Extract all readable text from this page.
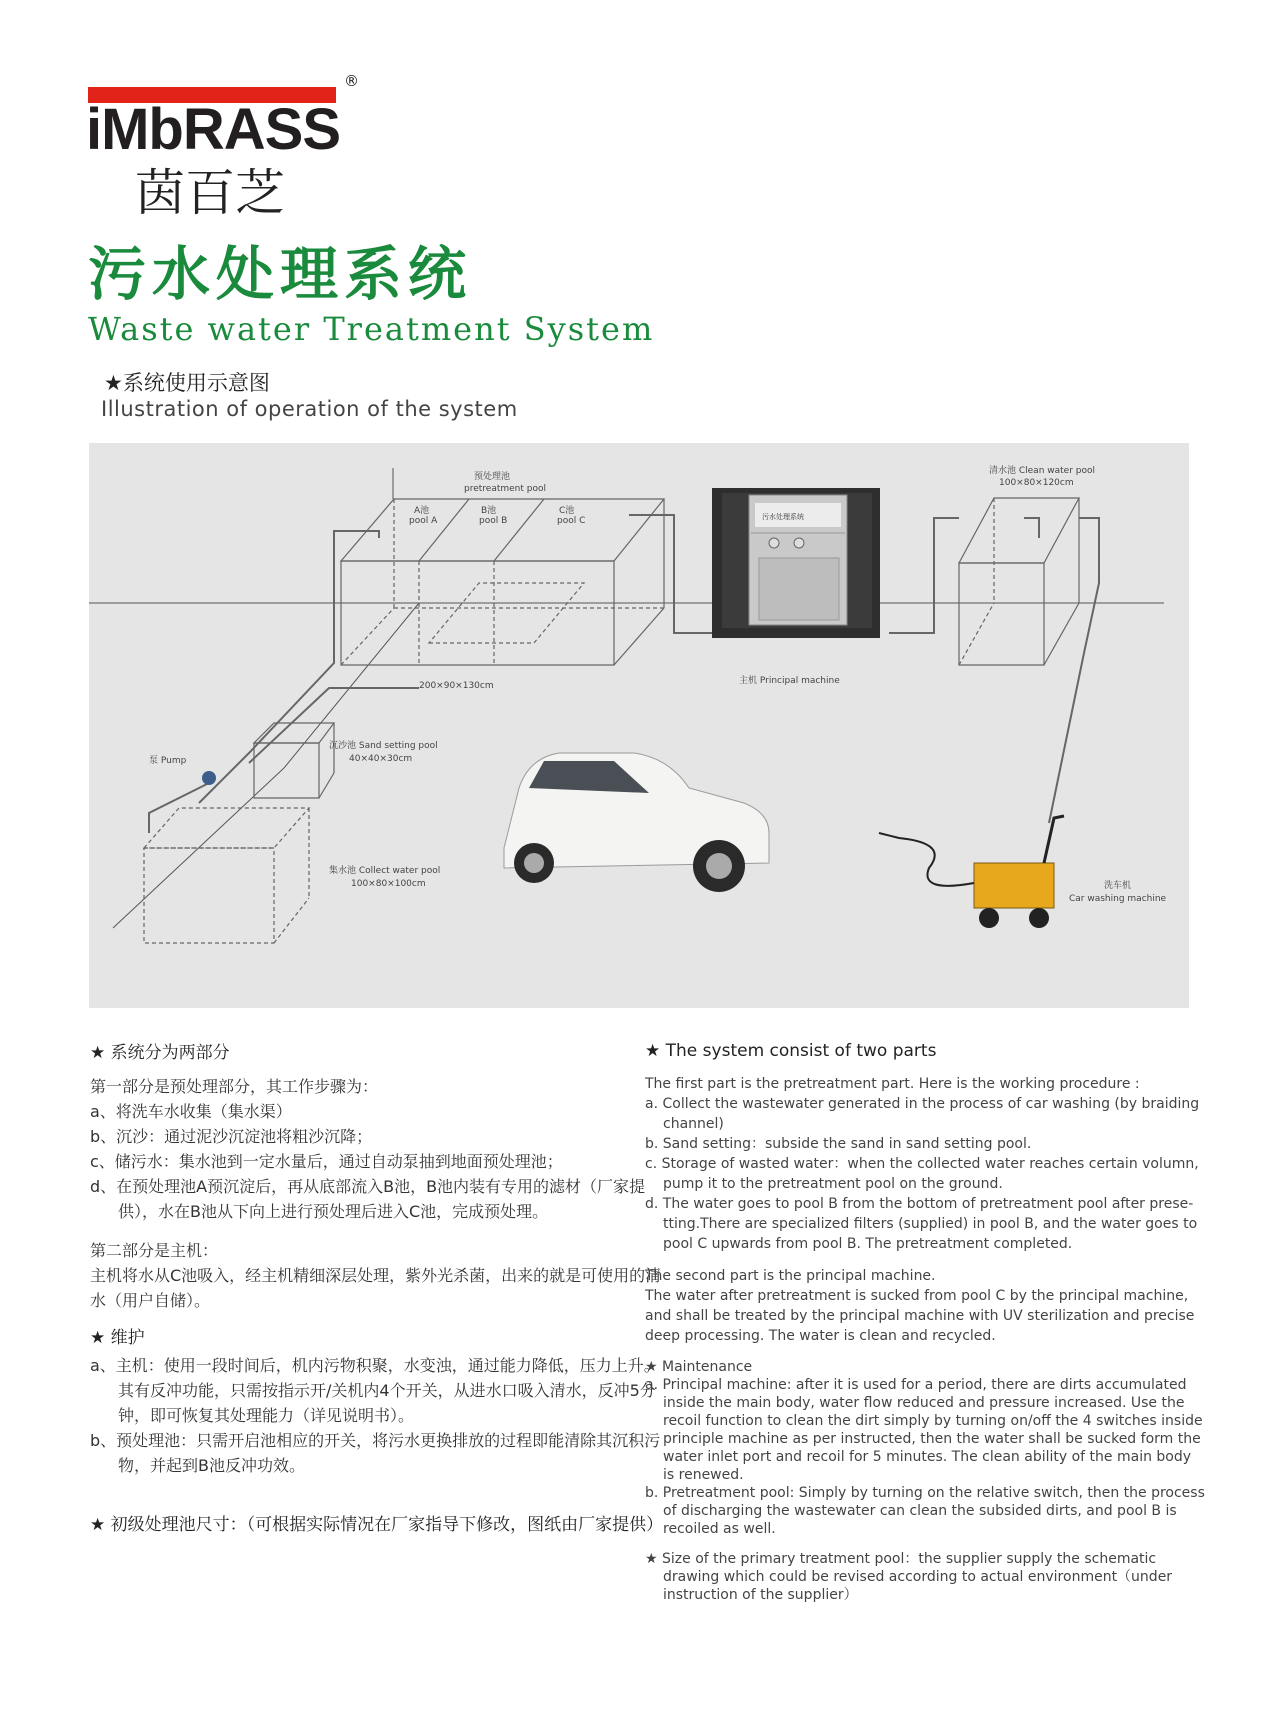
iMbRASS
®
茵百芝
污水处理系统
Waste water Treatment System
★系统使用示意图
Illustration of operation of the system
预处理池
pretreatment pool
A池
pool A
B池
pool B
C池
pool C
200×90×130cm
污水处理系统
主机 Principal machine
清水池 Clean water pool
100×80×120cm
沉沙池 Sand setting pool
40×40×30cm
泵 Pump
集水池 Collect water pool
100×80×100cm	洗车机
Car washing machine
★ 系统分为两部分

第一部分是预处理部分，其工作步骤为：

a、将洗车水收集（集水渠）

b、沉沙：通过泥沙沉淀池将粗沙沉降；

c、储污水：集水池到一定水量后，通过自动泵抽到地面预处理池；

d、在预处理池A预沉淀后，再从底部流入B池，B池内装有专用的滤材（厂家提供），水在B池从下向上进行预处理后进入C池，完成预处理。

第二部分是主机：

主机将水从C池吸入，经主机精细深层处理，紫外光杀菌，出来的就是可使用的清水（用户自储）。

★ 维护

a、主机：使用一段时间后，机内污物积聚，水变浊，通过能力降低，压力上升。其有反冲功能，只需按指示开/关机内4个开关，从进水口吸入清水，反冲5分钟，即可恢复其处理能力（详见说明书）。

b、预处理池：只需开启池相应的开关，将污水更换排放的过程即能清除其沉积污物，并起到B池反冲功效。

★ 初级处理池尺寸：（可根据实际情况在厂家指导下修改，图纸由厂家提供）
★ The system consist of two parts

The first part is the pretreatment part. Here is the working procedure :

a. Collect the wastewater generated in the process of car washing (by braiding channel)

b. Sand setting：subside the sand in sand setting pool.

c. Storage of wasted water：when the collected water reaches certain volumn, pump it to the pretreatment pool on the ground.

d. The water goes to pool B from the bottom of pretreatment pool after prese-tting.There are specialized filters (supplied) in pool B, and the water goes to pool C upwards from pool B. The pretreatment completed.

The second part is the principal machine.

The water after pretreatment is sucked from pool C by the principal machine, and shall be treated by the principal machine with UV sterilization and precise deep processing. The water is clean and recycled.

★ Maintenance

a. Principal machine: after it is used for a period, there are dirts accumulated inside the main body, water flow reduced and pressure increased. Use the recoil function to clean the dirt simply by turning on/off the 4 switches inside principle machine as per instructed, then the water shall be sucked form the water inlet port and recoil for 5 minutes. The clean ability of the main body is renewed.

b. Pretreatment pool: Simply by turning on the relative switch, then the process of discharging the wastewater can clean the subsided dirts, and pool B is recoiled as well.

★ Size of the primary treatment pool：the supplier supply the schematic drawing which could be revised according to actual environment（under instruction of the supplier）
